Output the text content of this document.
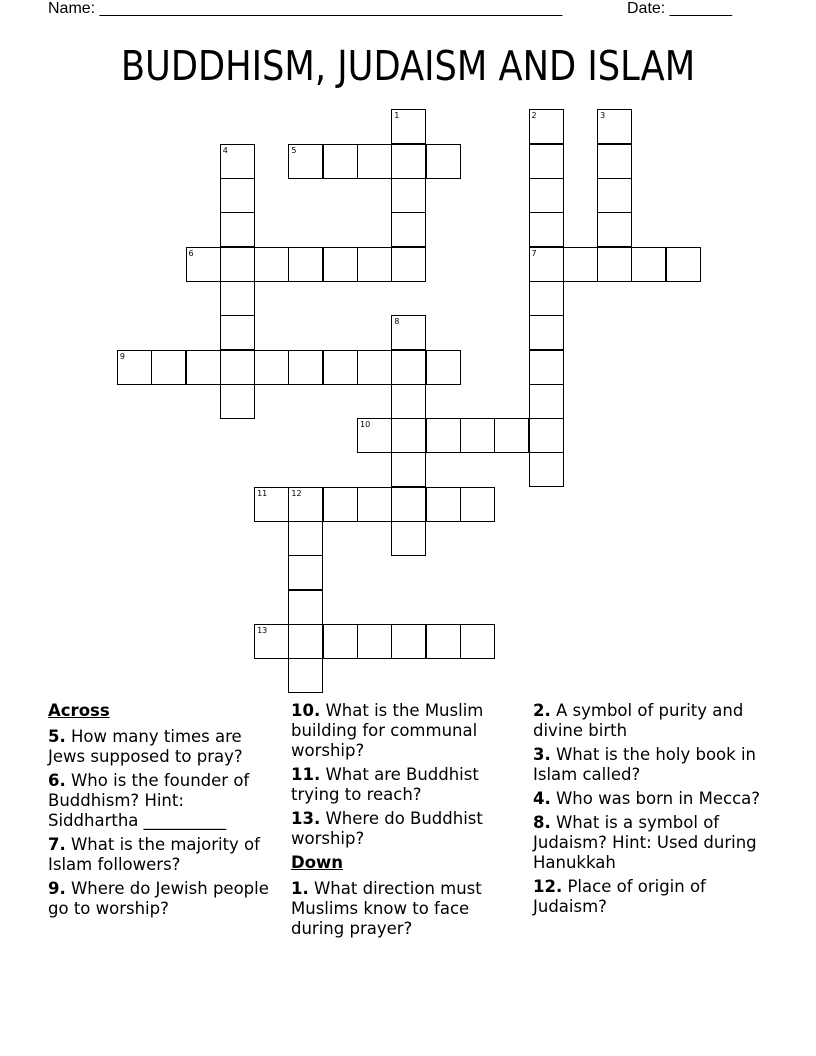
Name: ____________________________________________________	Date: _______
BUDDHISM, JUDAISM AND ISLAM
1	2	3
4	5
6	7
8
9
10
11	12
13
Across
5. How many times are Jews supposed to pray?
6. Who is the founder of Buddhism? Hint: Siddhartha __________
7. What is the majority of Islam followers?
9. Where do Jewish people go to worship?
10. What is the Muslim building for communal worship?
11. What are Buddhist trying to reach?
13. Where do Buddhist worship?
Down
1. What direction must Muslims know to face during prayer?
2. A symbol of purity and divine birth
3. What is the holy book in Islam called?
4. Who was born in Mecca?
8. What is a symbol of Judaism? Hint: Used during Hanukkah
12. Place of origin of Judaism?
